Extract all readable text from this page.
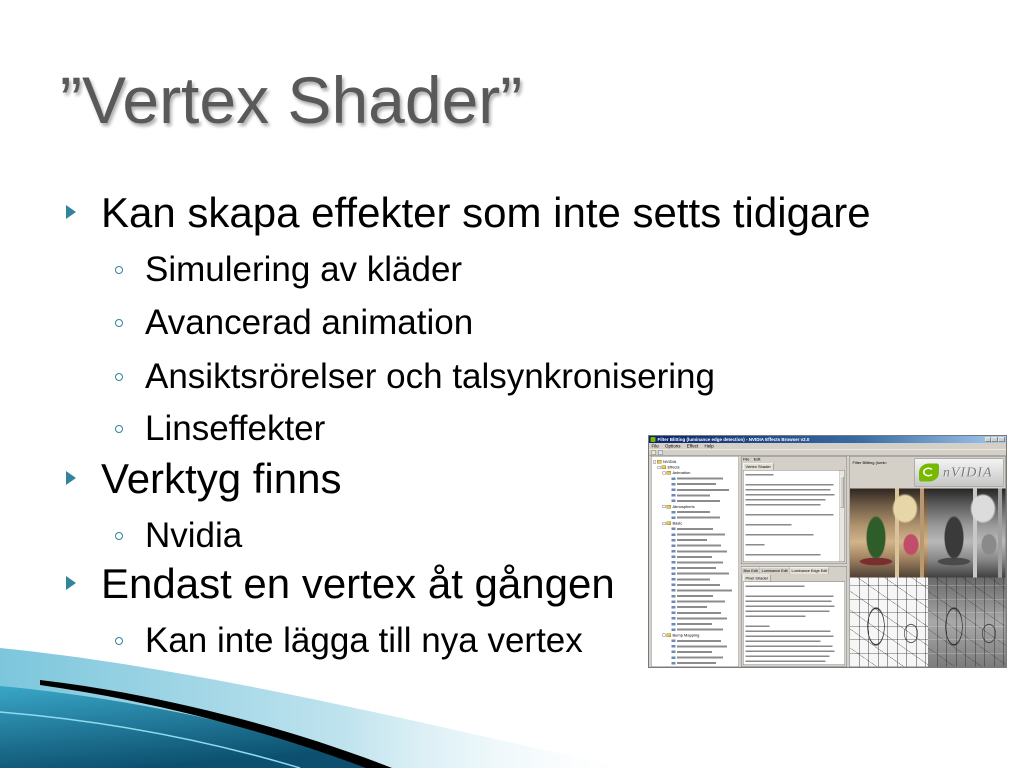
”Vertex Shader”
Kan skapa effekter som inte setts tidigare
Simulering av kläder
Avancerad animation
Ansiktsrörelser och talsynkronisering
Linseffekter
Verktyg finns
Nvidia
Endast en vertex åt gången
Kan inte lägga till nya vertex
Filter Blitting (luminance edge detection) - NVIDIA Effects Browser v2.0
File Options Effect Help
NVIDIA
Effects
Animation
Atmospheric
Basic
Bump Mapping
File Edit
Vertex Shader
Blur Edit Luminance Edit Luminance Edge Edit
Pixel Shader
Filter Blitting (lumin
nVIDIA
